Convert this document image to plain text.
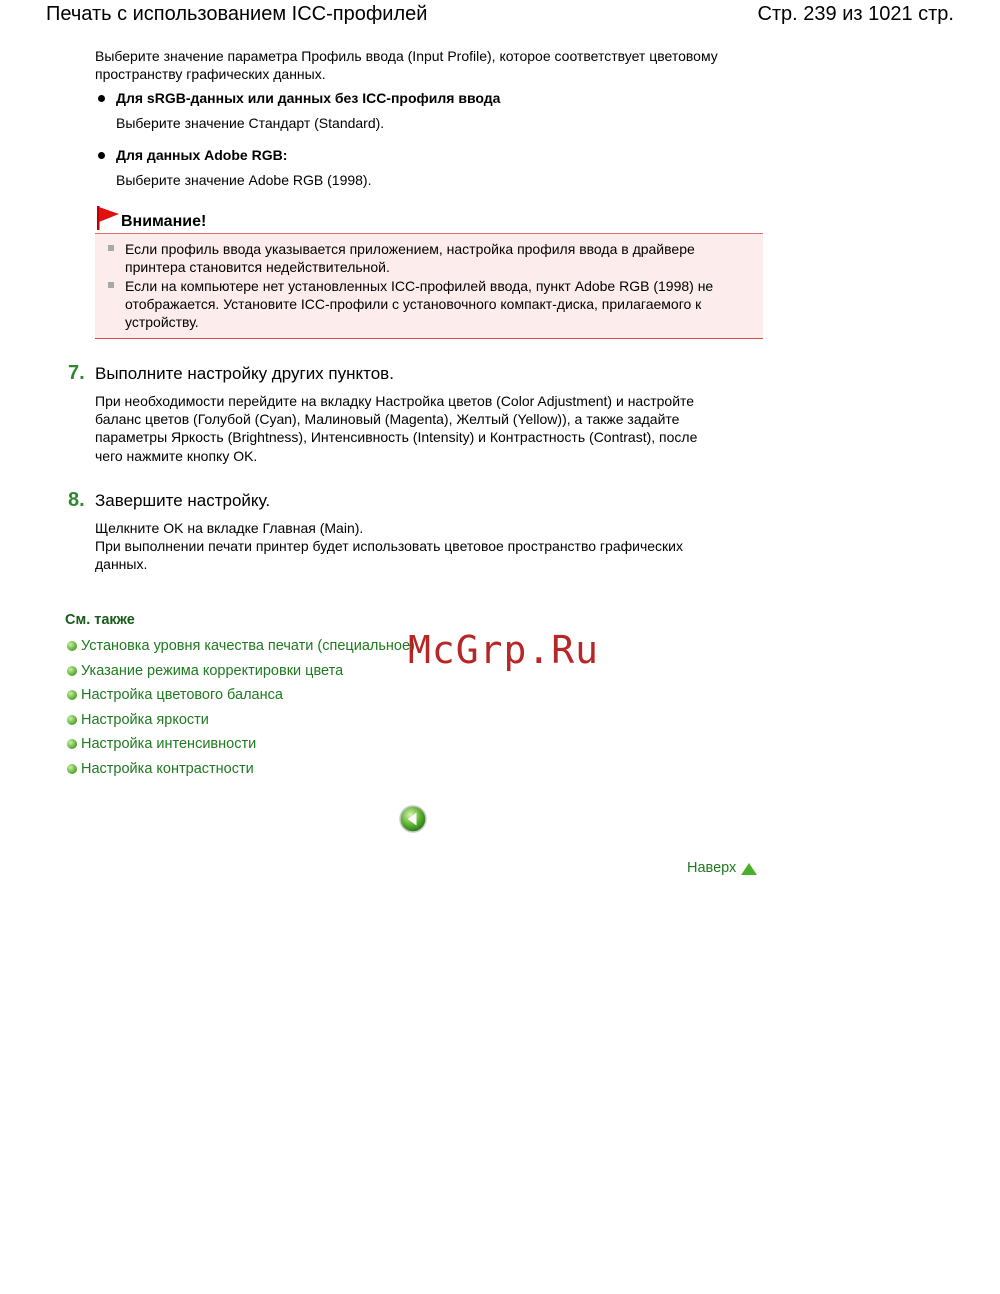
Печать с использованием ICC-профилей	Стр. 239 из 1021 стр.
Выберите значение параметра Профиль ввода (Input Profile), которое соответствует цветовому
пространству графических данных.
Для sRGB-данных или данных без ICC-профиля ввода
Выберите значение Стандарт (Standard).
Для данных Adobe RGB:
Выберите значение Adobe RGB (1998).
Внимание!
Если профиль ввода указывается приложением, настройка профиля ввода в драйвере
принтера становится недействительной.
Если на компьютере нет установленных ICC-профилей ввода, пункт Adobe RGB (1998) не
отображается. Установите ICC-профили с установочного компакт-диска, прилагаемого к
устройству.
7. Выполните настройку других пунктов.
При необходимости перейдите на вкладку Настройка цветов (Color Adjustment) и настройте
баланс цветов (Голубой (Cyan), Малиновый (Magenta), Желтый (Yellow)), а также задайте
параметры Яркость (Brightness), Интенсивность (Intensity) и Контрастность (Contrast), после
чего нажмите кнопку OK.
8. Завершите настройку.
Щелкните OK на вкладке Главная (Main).
При выполнении печати принтер будет использовать цветовое пространство графических
данных.
См. также
Установка уровня качества печати (специальное)
Указание режима корректировки цвета
Настройка цветового баланса
Настройка яркости
Настройка интенсивности
Настройка контрастности
McGrp.Ru
Наверх
